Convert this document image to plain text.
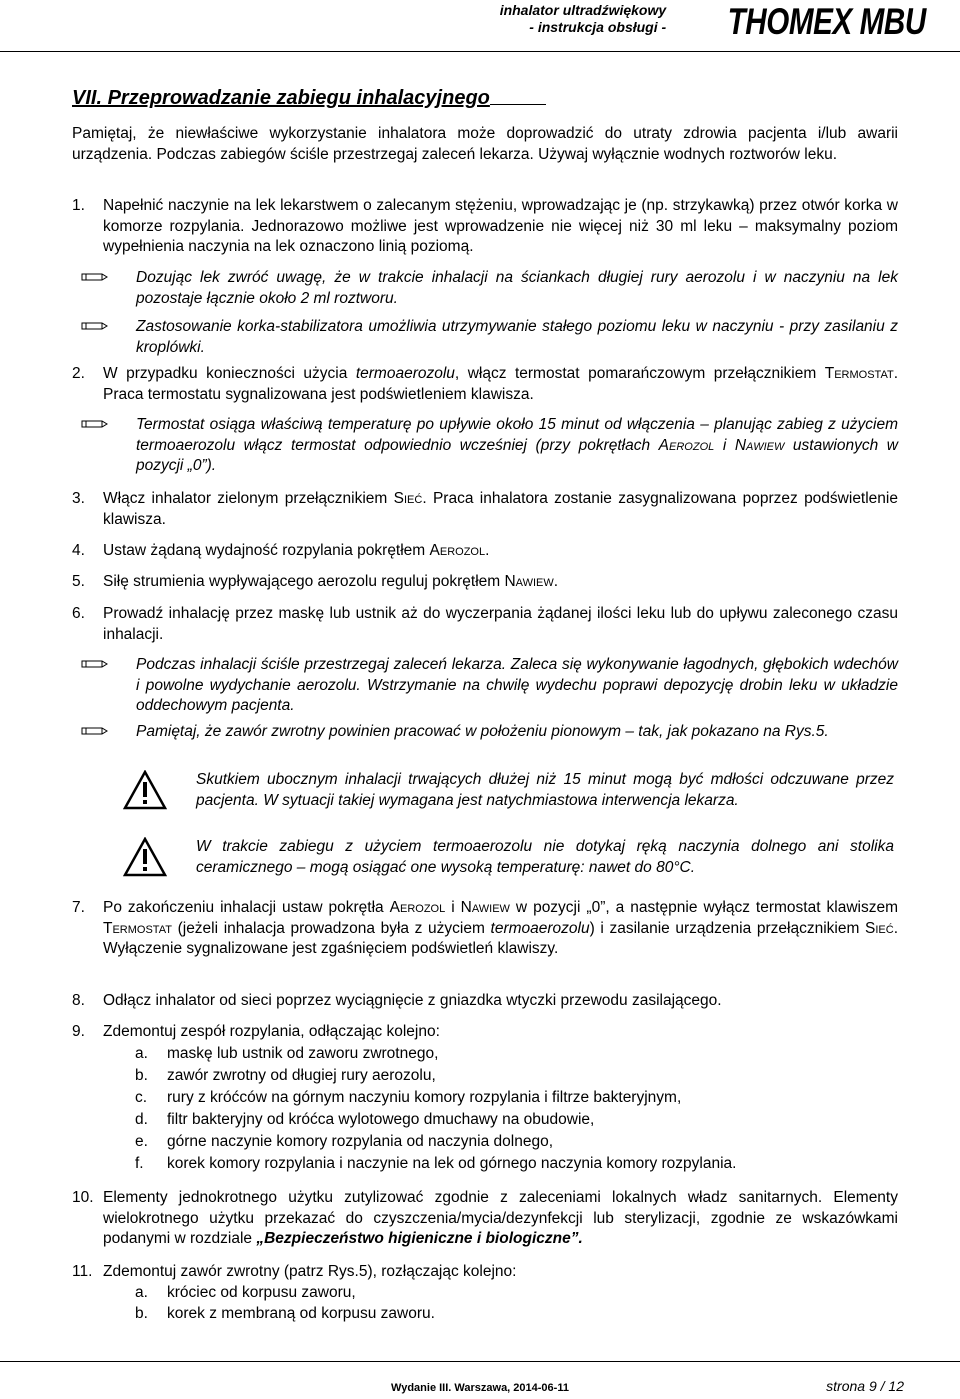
inhalator ultradźwiękowy
- instrukcja obsługi - THOMEX MBU
VII. Przeprowadzanie zabiegu inhalacyjnego
Pamiętaj, że niewłaściwe wykorzystanie inhalatora może doprowadzić do utraty zdrowia pacjenta i/lub awarii urządzenia. Podczas zabiegów ściśle przestrzegaj zaleceń lekarza. Używaj wyłącznie wodnych roztworów leku.
1. Napełnić naczynie na lek lekarstwem o zalecanym stężeniu, wprowadzając je (np. strzykawką) przez otwór korka w komorze rozpylania. Jednorazowo możliwe jest wprowadzenie nie więcej niż 30 ml leku – maksymalny poziom wypełnienia naczynia na lek oznaczono linią poziomą.
Dozując lek zwróć uwagę, że w trakcie inhalacji na ściankach długiej rury aerozolu i w naczyniu na lek pozostaje łącznie około 2 ml roztworu.
Zastosowanie korka-stabilizatora umożliwia utrzymywanie stałego poziomu leku w naczyniu - przy zasilaniu z kroplówki.
2. W przypadku konieczności użycia termoaerozolu, włącz termostat pomarańczowym przełącznikiem Termostat. Praca termostatu sygnalizowana jest podświetleniem klawisza.
Termostat osiąga właściwą temperaturę po upływie około 15 minut od włączenia – planując zabieg z użyciem termoaerozolu włącz termostat odpowiednio wcześniej (przy pokrętłach Aerozol i Nawiew ustawionych w pozycji „0”).
3. Włącz inhalator zielonym przełącznikiem Sieć. Praca inhalatora zostanie zasygnalizowana poprzez podświetlenie klawisza.
4. Ustaw żądaną wydajność rozpylania pokrętłem Aerozol.
5. Siłę strumienia wypływającego aerozolu reguluj pokrętłem Nawiew.
6. Prowadź inhalację przez maskę lub ustnik aż do wyczerpania żądanej ilości leku lub do upływu zaleconego czasu inhalacji.
Podczas inhalacji ściśle przestrzegaj zaleceń lekarza. Zaleca się wykonywanie łagodnych, głębokich wdechów i powolne wydychanie aerozolu. Wstrzymanie na chwilę wydechu poprawi depozycję drobin leku w układzie oddechowym pacjenta.
Pamiętaj, że zawór zwrotny powinien pracować w położeniu pionowym – tak, jak pokazano na Rys.5.
Skutkiem ubocznym inhalacji trwających dłużej niż 15 minut mogą być mdłości odczuwane przez pacjenta. W sytuacji takiej wymagana jest natychmiastowa interwencja lekarza.
W trakcie zabiegu z użyciem termoaerozolu nie dotykaj ręką naczynia dolnego ani stolika ceramicznego – mogą osiągać one wysoką temperaturę: nawet do 80°C.
7. Po zakończeniu inhalacji ustaw pokrętła Aerozol i Nawiew w pozycji „0”, a następnie wyłącz termostat klawiszem Termostat (jeżeli inhalacja prowadzona była z użyciem termoaerozolu) i zasilanie urządzenia przełącznikiem Sieć. Wyłączenie sygnalizowane jest zgaśnięciem podświetleń klawiszy.
8. Odłącz inhalator od sieci poprzez wyciągnięcie z gniazdka wtyczki przewodu zasilającego.
9. Zdemontuj zespół rozpylania, odłączając kolejno:
a. maskę lub ustnik od zaworu zwrotnego,
b. zawór zwrotny od długiej rury aerozolu,
c. rury z króćców na górnym naczyniu komory rozpylania i filtrze bakteryjnym,
d. filtr bakteryjny od króćca wylotowego dmuchawy na obudowie,
e. górne naczynie komory rozpylania od naczynia dolnego,
f. korek komory rozpylania i naczynie na lek od górnego naczynia komory rozpylania.
10. Elementy jednokrotnego użytku zutylizować zgodnie z zaleceniami lokalnych władz sanitarnych. Elementy wielokrotnego użytku przekazać do czyszczenia/mycia/dezynfekcji lub sterylizacji, zgodnie ze wskazówkami podanymi w rozdziale „Bezpieczeństwo higieniczne i biologiczne”.
11. Zdemontuj zawór zwrotny (patrz Rys.5), rozłączając kolejno:
a. króciec od korpusu zaworu,
b. korek z membraną od korpusu zaworu.
Wydanie III. Warszawa, 2014-06-11	strona 9 / 12
